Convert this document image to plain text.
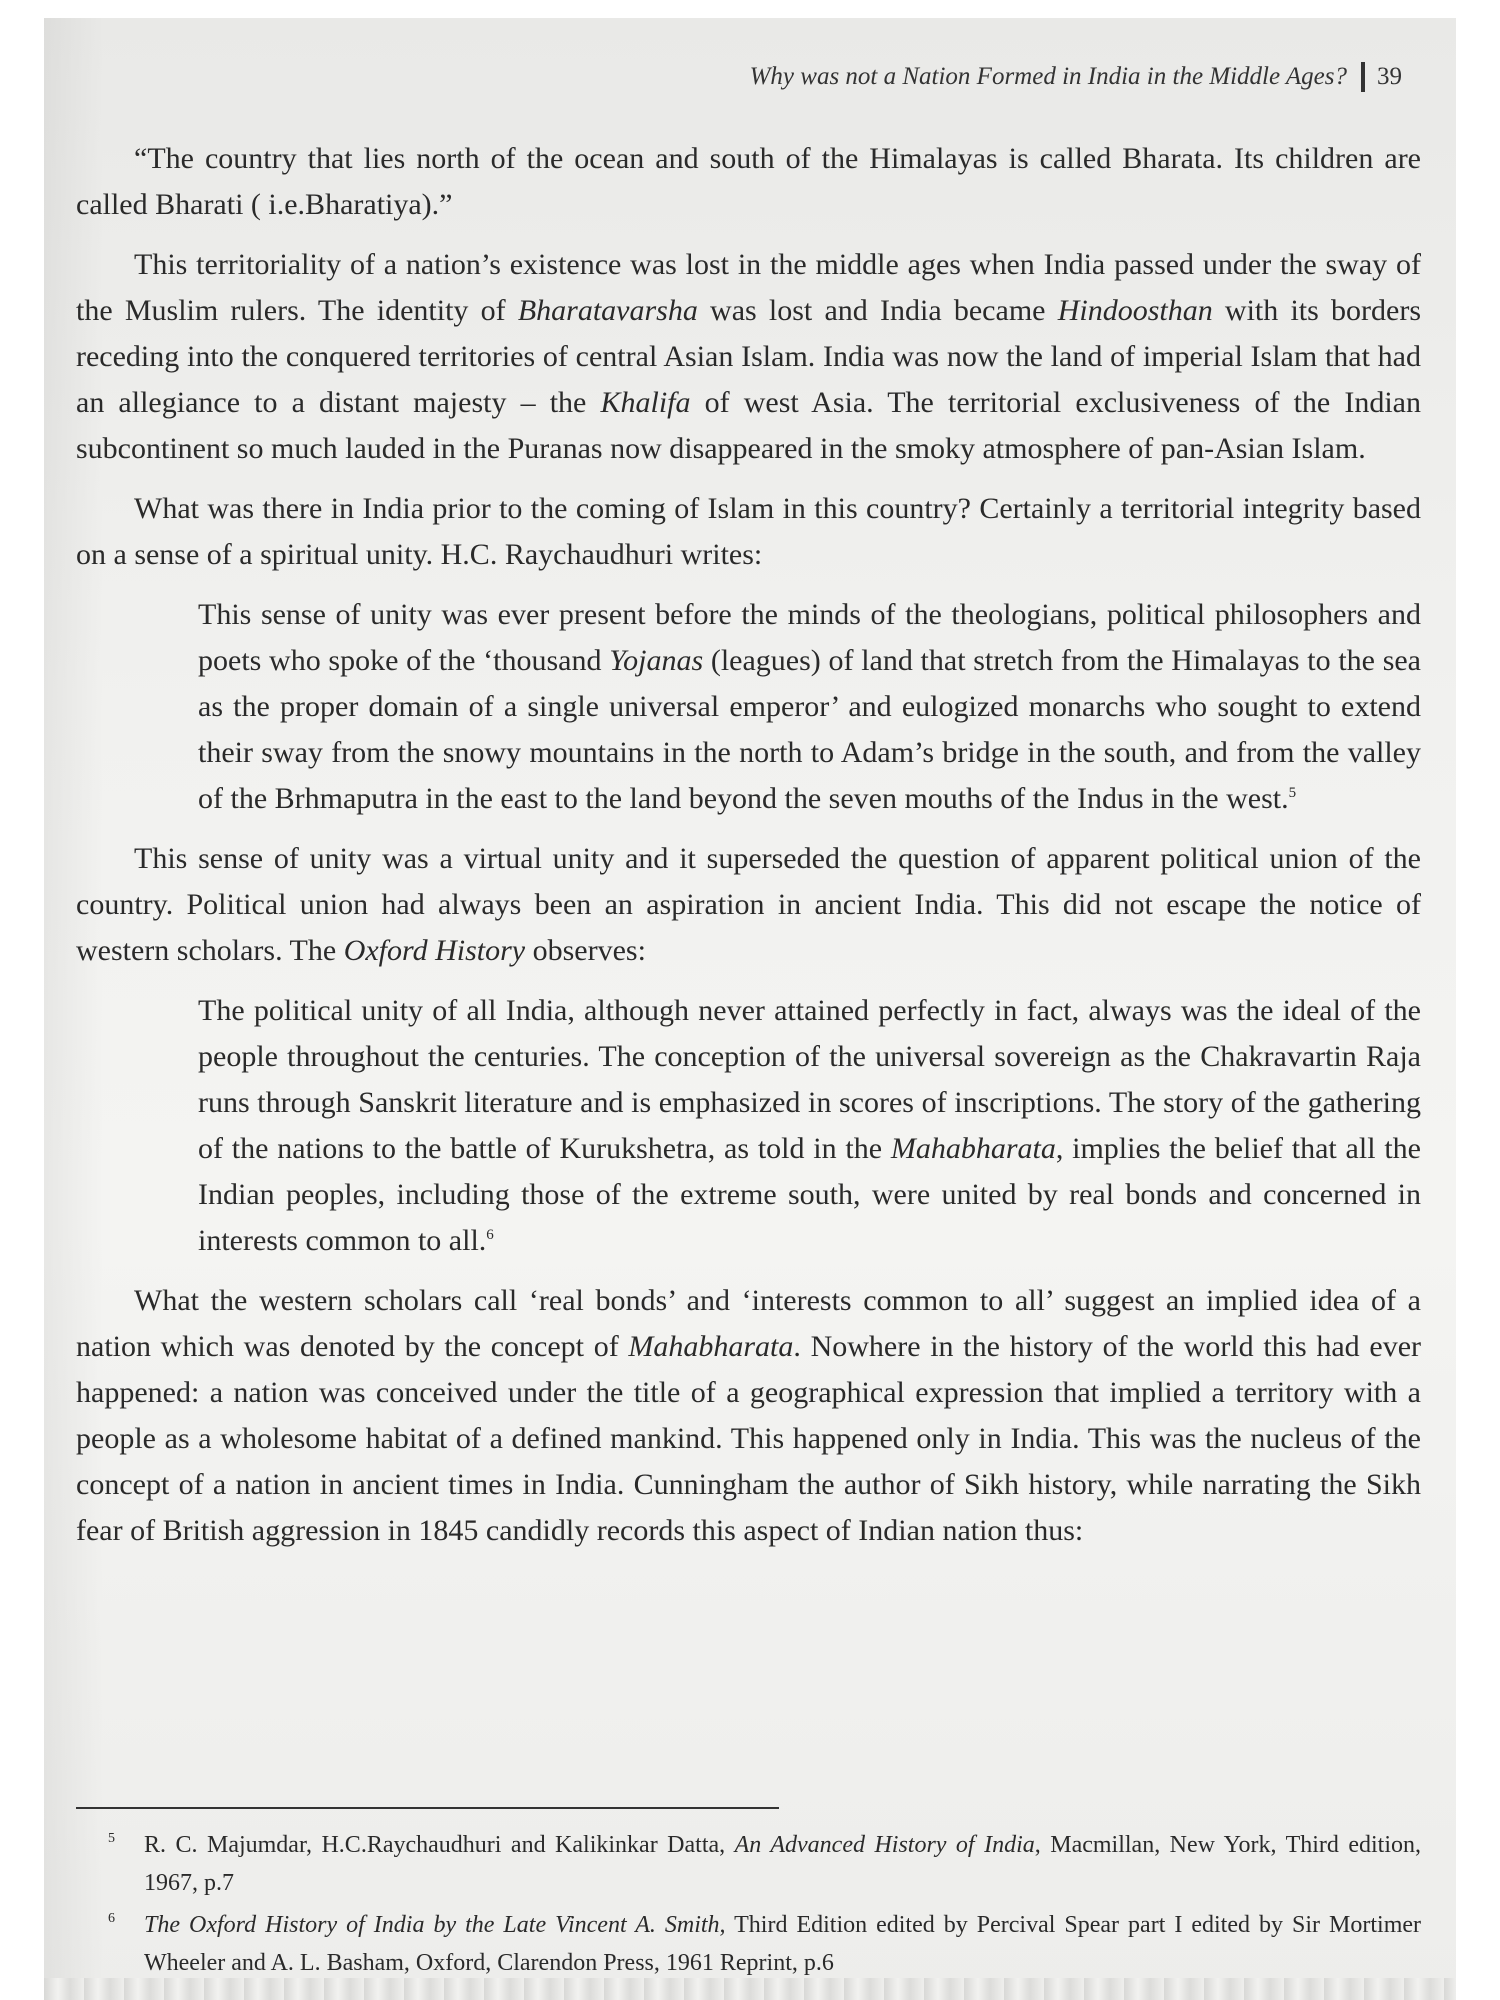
Why was not a Nation Formed in India in the Middle Ages? 39

“The country that lies north of the ocean and south of the Himalayas is called Bharata. Its children are called Bharati ( i.e.Bharatiya).”

This territoriality of a nation’s existence was lost in the middle ages when India passed under the sway of the Muslim rulers. The identity of Bharatavarsha was lost and India became Hindoosthan with its borders receding into the conquered territories of central Asian Islam. India was now the land of imperial Islam that had an allegiance to a distant majesty – the Khalifa of west Asia. The territorial exclusiveness of the Indian subcontinent so much lauded in the Puranas now disappeared in the smoky atmosphere of pan-Asian Islam.

What was there in India prior to the coming of Islam in this country? Certainly a territorial integrity based on a sense of a spiritual unity. H.C. Raychaudhuri writes:

This sense of unity was ever present before the minds of the theologians, political philosophers and poets who spoke of the ‘thousand Yojanas (leagues) of land that stretch from the Himalayas to the sea as the proper domain of a single universal emperor’ and eulogized monarchs who sought to extend their sway from the snowy mountains in the north to Adam’s bridge in the south, and from the valley of the Brhmaputra in the east to the land beyond the seven mouths of the Indus in the west.$^5$

This sense of unity was a virtual unity and it superseded the question of apparent political union of the country. Political union had always been an aspiration in ancient India. This did not escape the notice of western scholars. The Oxford History observes:

The political unity of all India, although never attained perfectly in fact, always was the ideal of the people throughout the centuries. The conception of the universal sovereign as the Chakravartin Raja runs through Sanskrit literature and is emphasized in scores of inscriptions. The story of the gathering of the nations to the battle of Kurukshetra, as told in the Mahabharata, implies the belief that all the Indian peoples, including those of the extreme south, were united by real bonds and concerned in interests common to all.$^6$

What the western scholars call ‘real bonds’ and ‘interests common to all’ suggest an implied idea of a nation which was denoted by the concept of Mahabharata. Nowhere in the history of the world this had ever happened: a nation was conceived under the title of a geographical expression that implied a territory with a people as a wholesome habitat of a defined mankind. This happened only in India. This was the nucleus of the concept of a nation in ancient times in India. Cunningham the author of Sikh history, while narrating the Sikh fear of British aggression in 1845 candidly records this aspect of Indian nation thus:

5 R. C. Majumdar, H.C.Raychaudhuri and Kalikinkar Datta, An Advanced History of India, Macmillan, New York, Third edition, 1967, p.7
6 The Oxford History of India by the Late Vincent A. Smith, Third Edition edited by Percival Spear part I edited by Sir Mortimer Wheeler and A. L. Basham, Oxford, Clarendon Press, 1961 Reprint, p.6
